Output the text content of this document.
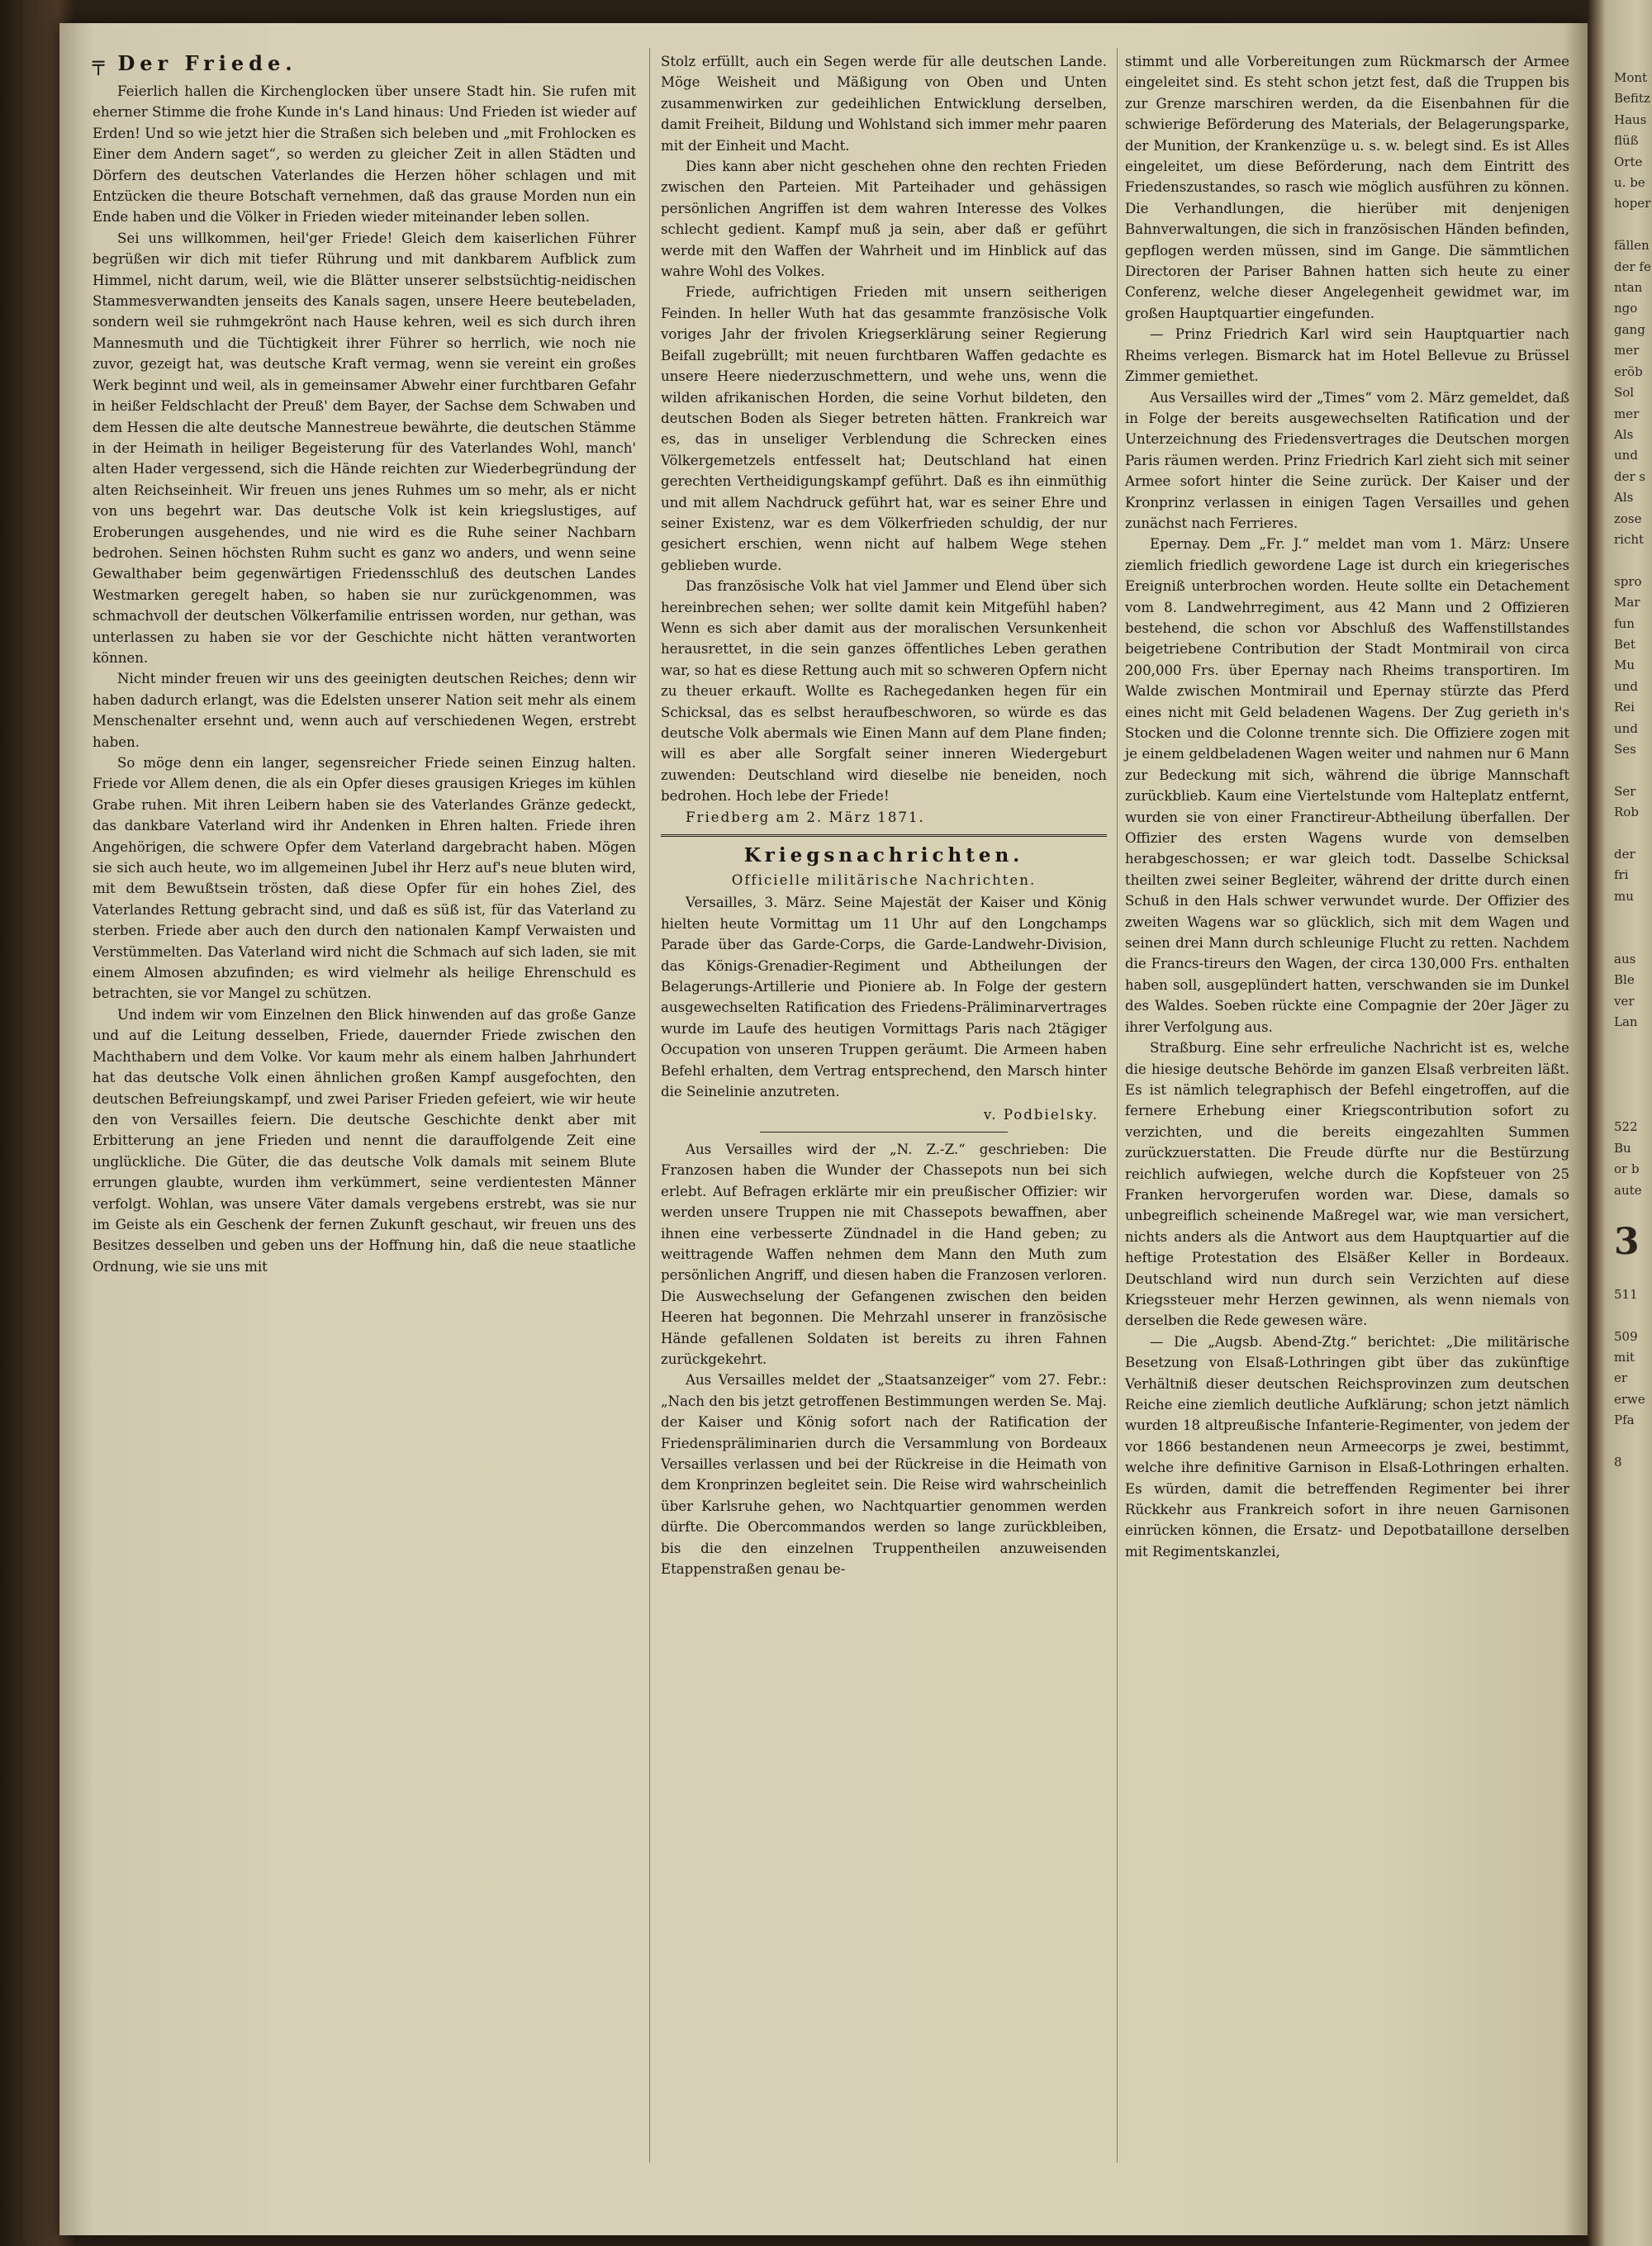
Mont
Befitz
Haus
flüß
Orte
u. be
hoper

fällen
der fe
ntan
ngo
gang
mer
eröb
Sol
mer
Als
und
der s
Als
zose
richt

spro
Mar
fun
Bet
Mu
und
Rei
und
Ses

Ser
Rob

der
fri
mu

aus
Ble
ver
Lan

522
Bu
or b
aute

3

511

509
mit
er
erwe
Pfa

8
╤ Der Friede.

Feierlich hallen die Kirchenglocken über unsere Stadt hin. Sie rufen mit eherner Stimme die frohe Kunde in's Land hinaus: Und Frieden ist wieder auf Erden! Und so wie jetzt hier die Straßen sich beleben und „mit Frohlocken es Einer dem Andern saget“, so werden zu gleicher Zeit in allen Städten und Dörfern des deutschen Vaterlandes die Herzen höher schlagen und mit Entzücken die theure Botschaft vernehmen, daß das grause Morden nun ein Ende haben und die Völker in Frieden wieder miteinander leben sollen.

Sei uns willkommen, heil'ger Friede! Gleich dem kaiserlichen Führer begrüßen wir dich mit tiefer Rührung und mit dankbarem Aufblick zum Himmel, nicht darum, weil, wie die Blätter unserer selbstsüchtig-neidischen Stammesverwandten jenseits des Kanals sagen, unsere Heere beutebeladen, sondern weil sie ruhmgekrönt nach Hause kehren, weil es sich durch ihren Mannesmuth und die Tüchtigkeit ihrer Führer so herrlich, wie noch nie zuvor, gezeigt hat, was deutsche Kraft vermag, wenn sie vereint ein großes Werk beginnt und weil, als in gemeinsamer Abwehr einer furchtbaren Gefahr in heißer Feldschlacht der Preuß' dem Bayer, der Sachse dem Schwaben und dem Hessen die alte deutsche Mannestreue bewährte, die deutschen Stämme in der Heimath in heiliger Begeisterung für des Vaterlandes Wohl, manch' alten Hader vergessend, sich die Hände reichten zur Wiederbegründung der alten Reichseinheit. Wir freuen uns jenes Ruhmes um so mehr, als er nicht von uns begehrt war. Das deutsche Volk ist kein kriegslustiges, auf Eroberungen ausgehendes, und nie wird es die Ruhe seiner Nachbarn bedrohen. Seinen höchsten Ruhm sucht es ganz wo anders, und wenn seine Gewalthaber beim gegenwärtigen Friedensschluß des deutschen Landes Westmarken geregelt haben, so haben sie nur zurückgenommen, was schmachvoll der deutschen Völkerfamilie entrissen worden, nur gethan, was unterlassen zu haben sie vor der Geschichte nicht hätten verantworten können.

Nicht minder freuen wir uns des geeinigten deutschen Reiches; denn wir haben dadurch erlangt, was die Edelsten unserer Nation seit mehr als einem Menschenalter ersehnt und, wenn auch auf verschiedenen Wegen, erstrebt haben.

So möge denn ein langer, segensreicher Friede seinen Einzug halten. Friede vor Allem denen, die als ein Opfer dieses grausigen Krieges im kühlen Grabe ruhen. Mit ihren Leibern haben sie des Vaterlandes Gränze gedeckt, das dankbare Vaterland wird ihr Andenken in Ehren halten. Friede ihren Angehörigen, die schwere Opfer dem Vaterland dargebracht haben. Mögen sie sich auch heute, wo im allgemeinen Jubel ihr Herz auf's neue bluten wird, mit dem Bewußtsein trösten, daß diese Opfer für ein hohes Ziel, des Vaterlandes Rettung gebracht sind, und daß es süß ist, für das Vaterland zu sterben. Friede aber auch den durch den nationalen Kampf Verwaisten und Verstümmelten. Das Vaterland wird nicht die Schmach auf sich laden, sie mit einem Almosen abzufinden; es wird vielmehr als heilige Ehrenschuld es betrachten, sie vor Mangel zu schützen.

Und indem wir vom Einzelnen den Blick hinwenden auf das große Ganze und auf die Leitung desselben, Friede, dauernder Friede zwischen den Machthabern und dem Volke. Vor kaum mehr als einem halben Jahrhundert hat das deutsche Volk einen ähnlichen großen Kampf ausgefochten, den deutschen Befreiungskampf, und zwei Pariser Frieden gefeiert, wie wir heute den von Versailles feiern. Die deutsche Geschichte denkt aber mit Erbitterung an jene Frieden und nennt die darauffolgende Zeit eine unglückliche. Die Güter, die das deutsche Volk damals mit seinem Blute errungen glaubte, wurden ihm verkümmert, seine verdientesten Männer verfolgt. Wohlan, was unsere Väter damals vergebens erstrebt, was sie nur im Geiste als ein Geschenk der fernen Zukunft geschaut, wir freuen uns des Besitzes desselben und geben uns der Hoffnung hin, daß die neue staatliche Ordnung, wie sie uns mit

Stolz erfüllt, auch ein Segen werde für alle deutschen Lande. Möge Weisheit und Mäßigung von Oben und Unten zusammenwirken zur gedeihlichen Entwicklung derselben, damit Freiheit, Bildung und Wohlstand sich immer mehr paaren mit der Einheit und Macht.

Dies kann aber nicht geschehen ohne den rechten Frieden zwischen den Parteien. Mit Parteihader und gehässigen persönlichen Angriffen ist dem wahren Interesse des Volkes schlecht gedient. Kampf muß ja sein, aber daß er geführt werde mit den Waffen der Wahrheit und im Hinblick auf das wahre Wohl des Volkes.

Friede, aufrichtigen Frieden mit unsern seitherigen Feinden. In heller Wuth hat das gesammte französische Volk voriges Jahr der frivolen Kriegserklärung seiner Regierung Beifall zugebrüllt; mit neuen furchtbaren Waffen gedachte es unsere Heere niederzuschmettern, und wehe uns, wenn die wilden afrikanischen Horden, die seine Vorhut bildeten, den deutschen Boden als Sieger betreten hätten. Frankreich war es, das in unseliger Verblendung die Schrecken eines Völkergemetzels entfesselt hat; Deutschland hat einen gerechten Vertheidigungskampf geführt. Daß es ihn einmüthig und mit allem Nachdruck geführt hat, war es seiner Ehre und seiner Existenz, war es dem Völkerfrieden schuldig, der nur gesichert erschien, wenn nicht auf halbem Wege stehen geblieben wurde.

Das französische Volk hat viel Jammer und Elend über sich hereinbrechen sehen; wer sollte damit kein Mitgefühl haben? Wenn es sich aber damit aus der moralischen Versunkenheit herausrettet, in die sein ganzes öffentliches Leben gerathen war, so hat es diese Rettung auch mit so schweren Opfern nicht zu theuer erkauft. Wollte es Rachegedanken hegen für ein Schicksal, das es selbst heraufbeschworen, so würde es das deutsche Volk abermals wie Einen Mann auf dem Plane finden; will es aber alle Sorgfalt seiner inneren Wiedergeburt zuwenden: Deutschland wird dieselbe nie beneiden, noch bedrohen. Hoch lebe der Friede!

Friedberg am 2. März 1871.

Kriegsnachrichten.
Officielle militärische Nachrichten.

Versailles, 3. März. Seine Majestät der Kaiser und König hielten heute Vormittag um 11 Uhr auf den Longchamps Parade über das Garde-Corps, die Garde-Landwehr-Division, das Königs-Grenadier-Regiment und Abtheilungen der Belagerungs-Artillerie und Pioniere ab. In Folge der gestern ausgewechselten Ratification des Friedens-Präliminarvertrages wurde im Laufe des heutigen Vormittags Paris nach 2tägiger Occupation von unseren Truppen geräumt. Die Armeen haben Befehl erhalten, dem Vertrag entsprechend, den Marsch hinter die Seinelinie anzutreten.

v. Podbielsky.

Aus Versailles wird der „N. Z.-Z.“ geschrieben: Die Franzosen haben die Wunder der Chassepots nun bei sich erlebt. Auf Befragen erklärte mir ein preußischer Offizier: wir werden unsere Truppen nie mit Chassepots bewaffnen, aber ihnen eine verbesserte Zündnadel in die Hand geben; zu weittragende Waffen nehmen dem Mann den Muth zum persönlichen Angriff, und diesen haben die Franzosen verloren. Die Auswechselung der Gefangenen zwischen den beiden Heeren hat begonnen. Die Mehrzahl unserer in französische Hände gefallenen Soldaten ist bereits zu ihren Fahnen zurückgekehrt.

Aus Versailles meldet der „Staatsanzeiger“ vom 27. Febr.: „Nach den bis jetzt getroffenen Bestimmungen werden Se. Maj. der Kaiser und König sofort nach der Ratification der Friedenspräliminarien durch die Versammlung von Bordeaux Versailles verlassen und bei der Rückreise in die Heimath von dem Kronprinzen begleitet sein. Die Reise wird wahrscheinlich über Karlsruhe gehen, wo Nachtquartier genommen werden dürfte. Die Obercommandos werden so lange zurückbleiben, bis die den einzelnen Truppentheilen anzuweisenden Etappenstraßen genau be-

stimmt und alle Vorbereitungen zum Rückmarsch der Armee eingeleitet sind. Es steht schon jetzt fest, daß die Truppen bis zur Grenze marschiren werden, da die Eisenbahnen für die schwierige Beförderung des Materials, der Belagerungsparke, der Munition, der Krankenzüge u. s. w. belegt sind. Es ist Alles eingeleitet, um diese Beförderung, nach dem Eintritt des Friedenszustandes, so rasch wie möglich ausführen zu können. Die Verhandlungen, die hierüber mit denjenigen Bahnverwaltungen, die sich in französischen Händen befinden, gepflogen werden müssen, sind im Gange. Die sämmtlichen Directoren der Pariser Bahnen hatten sich heute zu einer Conferenz, welche dieser Angelegenheit gewidmet war, im großen Hauptquartier eingefunden.

— Prinz Friedrich Karl wird sein Hauptquartier nach Rheims verlegen. Bismarck hat im Hotel Bellevue zu Brüssel Zimmer gemiethet.

Aus Versailles wird der „Times“ vom 2. März gemeldet, daß in Folge der bereits ausgewechselten Ratification und der Unterzeichnung des Friedensvertrages die Deutschen morgen Paris räumen werden. Prinz Friedrich Karl zieht sich mit seiner Armee sofort hinter die Seine zurück. Der Kaiser und der Kronprinz verlassen in einigen Tagen Versailles und gehen zunächst nach Ferrieres.

Epernay. Dem „Fr. J.“ meldet man vom 1. März: Unsere ziemlich friedlich gewordene Lage ist durch ein kriegerisches Ereigniß unterbrochen worden. Heute sollte ein Detachement vom 8. Landwehrregiment, aus 42 Mann und 2 Offizieren bestehend, die schon vor Abschluß des Waffenstillstandes beigetriebene Contribution der Stadt Montmirail von circa 200,000 Frs. über Epernay nach Rheims transportiren. Im Walde zwischen Montmirail und Epernay stürzte das Pferd eines nicht mit Geld beladenen Wagens. Der Zug gerieth in's Stocken und die Colonne trennte sich. Die Offiziere zogen mit je einem geldbeladenen Wagen weiter und nahmen nur 6 Mann zur Bedeckung mit sich, während die übrige Mannschaft zurückblieb. Kaum eine Viertelstunde vom Halteplatz entfernt, wurden sie von einer Franctireur-Abtheilung überfallen. Der Offizier des ersten Wagens wurde von demselben herabgeschossen; er war gleich todt. Dasselbe Schicksal theilten zwei seiner Begleiter, während der dritte durch einen Schuß in den Hals schwer verwundet wurde. Der Offizier des zweiten Wagens war so glücklich, sich mit dem Wagen und seinen drei Mann durch schleunige Flucht zu retten. Nachdem die Francs-tireurs den Wagen, der circa 130,000 Frs. enthalten haben soll, ausgeplündert hatten, verschwanden sie im Dunkel des Waldes. Soeben rückte eine Compagnie der 20er Jäger zu ihrer Verfolgung aus.

Straßburg. Eine sehr erfreuliche Nachricht ist es, welche die hiesige deutsche Behörde im ganzen Elsaß verbreiten läßt. Es ist nämlich telegraphisch der Befehl eingetroffen, auf die fernere Erhebung einer Kriegscontribution sofort zu verzichten, und die bereits eingezahlten Summen zurückzuerstatten. Die Freude dürfte nur die Bestürzung reichlich aufwiegen, welche durch die Kopfsteuer von 25 Franken hervorgerufen worden war. Diese, damals so unbegreiflich scheinende Maßregel war, wie man versichert, nichts anders als die Antwort aus dem Hauptquartier auf die heftige Protestation des Elsäßer Keller in Bordeaux. Deutschland wird nun durch sein Verzichten auf diese Kriegssteuer mehr Herzen gewinnen, als wenn niemals von derselben die Rede gewesen wäre.

— Die „Augsb. Abend-Ztg.“ berichtet: „Die militärische Besetzung von Elsaß-Lothringen gibt über das zukünftige Verhältniß dieser deutschen Reichsprovinzen zum deutschen Reiche eine ziemlich deutliche Aufklärung; schon jetzt nämlich wurden 18 altpreußische Infanterie-Regimenter, von jedem der vor 1866 bestandenen neun Armeecorps je zwei, bestimmt, welche ihre definitive Garnison in Elsaß-Lothringen erhalten. Es würden, damit die betreffenden Regimenter bei ihrer Rückkehr aus Frankreich sofort in ihre neuen Garnisonen einrücken können, die Ersatz- und Depotbataillone derselben mit Regimentskanzlei,
